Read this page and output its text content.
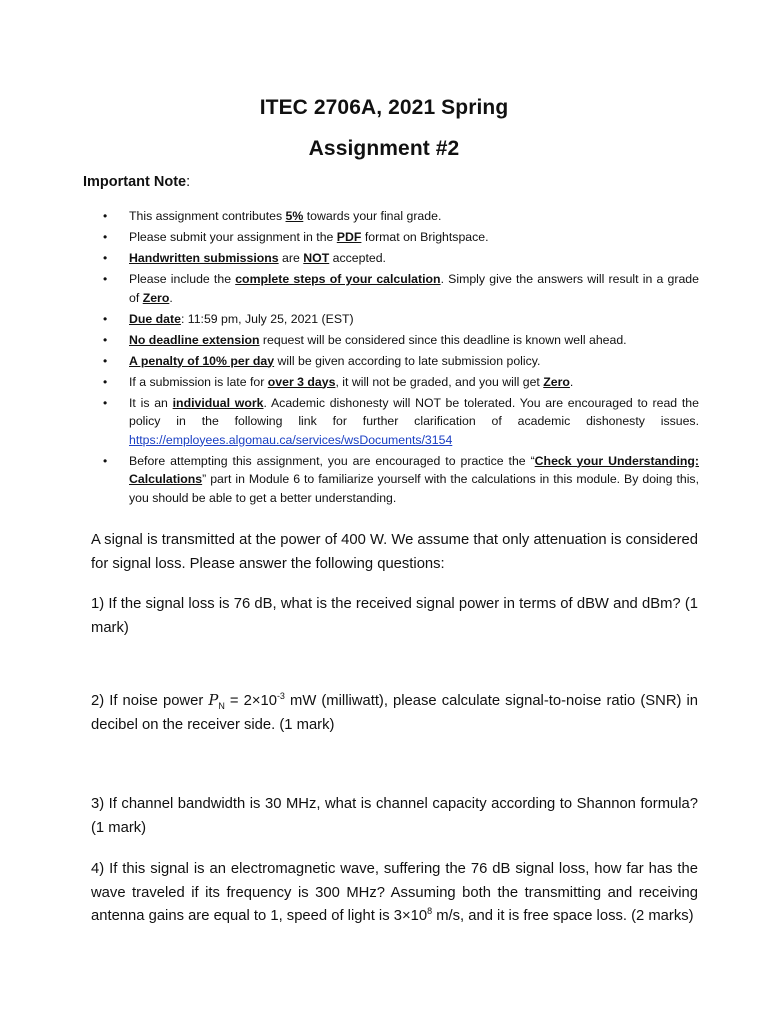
ITEC 2706A, 2021 Spring
Assignment #2
Important Note:
• This assignment contributes 5% towards your final grade.
• Please submit your assignment in the PDF format on Brightspace.
• Handwritten submissions are NOT accepted.
• Please include the complete steps of your calculation. Simply give the answers will result in a grade of Zero.
• Due date: 11:59 pm, July 25, 2021 (EST)
• No deadline extension request will be considered since this deadline is known well ahead.
• A penalty of 10% per day will be given according to late submission policy.
• If a submission is late for over 3 days, it will not be graded, and you will get Zero.
• It is an individual work. Academic dishonesty will NOT be tolerated. You are encouraged to read the policy in the following link for further clarification of academic dishonesty issues. https://employees.algomau.ca/services/wsDocuments/3154
• Before attempting this assignment, you are encouraged to practice the “Check your Understanding: Calculations” part in Module 6 to familiarize yourself with the calculations in this module. By doing this, you should be able to get a better understanding.
A signal is transmitted at the power of 400 W. We assume that only attenuation is considered for signal loss. Please answer the following questions:
1) If the signal loss is 76 dB, what is the received signal power in terms of dBW and dBm? (1 mark)
2) If noise power $P_N = 2\times 10^{-3}$ mW (milliwatt), please calculate signal-to-noise ratio (SNR) in decibel on the receiver side. (1 mark)
3) If channel bandwidth is 30 MHz, what is channel capacity according to Shannon formula? (1 mark)
4) If this signal is an electromagnetic wave, suffering the 76 dB signal loss, how far has the wave traveled if its frequency is 300 MHz? Assuming both the transmitting and receiving antenna gains are equal to 1, speed of light is $3\times 10^8$ m/s, and it is free space loss. (2 marks)
